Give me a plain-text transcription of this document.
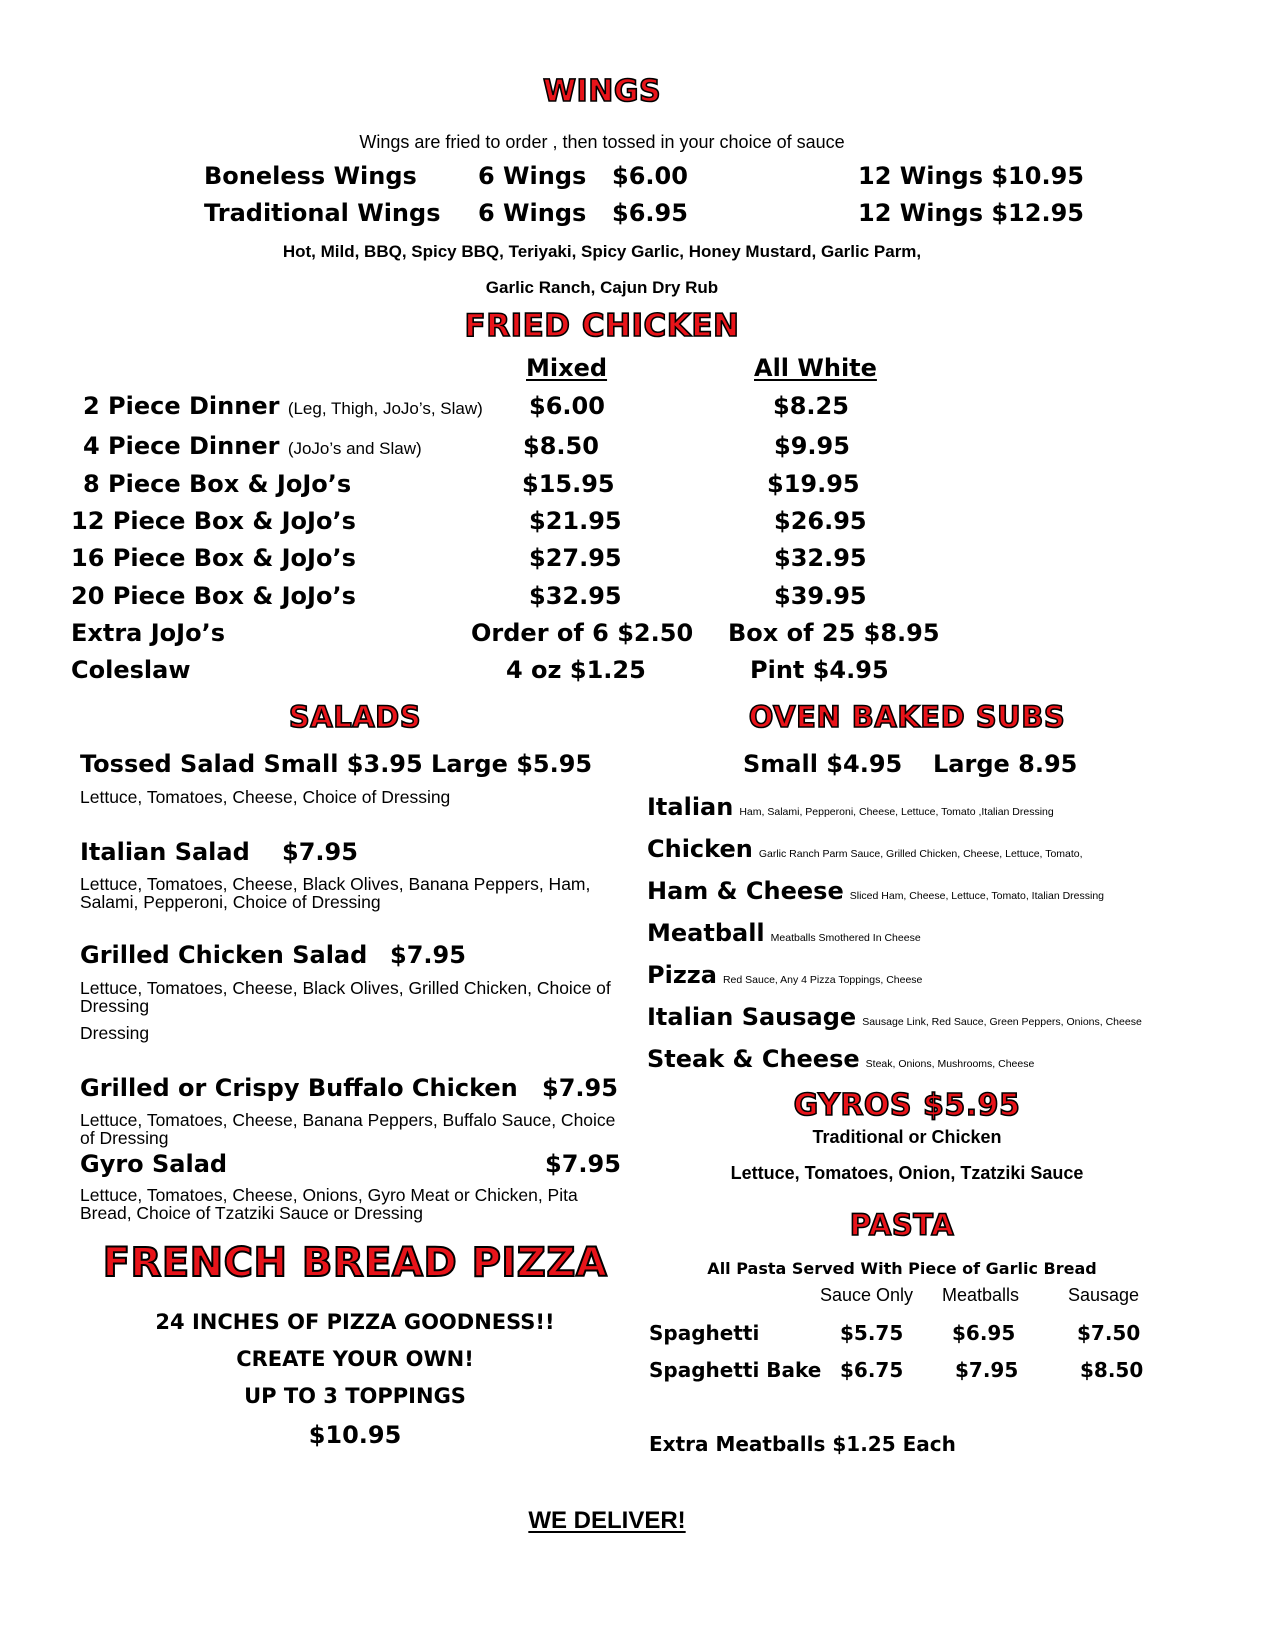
WINGS
Wings are fried to order , then tossed in your choice of sauce
Boneless Wings	6 Wings $6.00	12 Wings $10.95
Traditional Wings 6 Wings $6.95	12 Wings $12.95
Hot, Mild, BBQ, Spicy BBQ, Teriyaki, Spicy Garlic, Honey Mustard, Garlic Parm,
Garlic Ranch, Cajun Dry Rub
FRIED CHICKEN
Mixed	All White
2 Piece Dinner (Leg, Thigh, JoJo’s, Slaw) $6.00	$8.25
4 Piece Dinner (JoJo’s and Slaw)	$8.50	$9.95
8 Piece Box & JoJo’s	$15.95	$19.95
12 Piece Box & JoJo’s	$21.95	$26.95
16 Piece Box & JoJo’s	$27.95	$32.95
20 Piece Box & JoJo’s	$32.95	$39.95
Extra JoJo’s	Order of 6 $2.50 Box of 25 $8.95
Coleslaw	4 oz $1.25	Pint $4.95
SALADS
Tossed Salad Small $3.95 Large $5.95
Lettuce, Tomatoes, Cheese, Choice of Dressing
Italian Salad $7.95
Lettuce, Tomatoes, Cheese, Black Olives, Banana Peppers, Ham, Salami, Pepperoni, Choice of Dressing
Grilled Chicken Salad $7.95
Lettuce, Tomatoes, Cheese, Black Olives, Grilled Chicken, Choice of Dressing
Dressing
Grilled or Crispy Buffalo Chicken $7.95
Lettuce, Tomatoes, Cheese, Banana Peppers, Buffalo Sauce, Choice of Dressing
Gyro Salad	$7.95
Lettuce, Tomatoes, Cheese, Onions, Gyro Meat or Chicken, Pita Bread, Choice of Tzatziki Sauce or Dressing
FRENCH BREAD PIZZA
24 INCHES OF PIZZA GOODNESS!!
CREATE YOUR OWN!
UP TO 3 TOPPINGS
$10.95
OVEN BAKED SUBS
Small $4.95 Large 8.95
Italian Ham, Salami, Pepperoni, Cheese, Lettuce, Tomato ,Italian Dressing
Chicken Garlic Ranch Parm Sauce, Grilled Chicken, Cheese, Lettuce, Tomato,
Ham & Cheese Sliced Ham, Cheese, Lettuce, Tomato, Italian Dressing
Meatball Meatballs Smothered In Cheese
Pizza Red Sauce, Any 4 Pizza Toppings, Cheese
Italian Sausage Sausage Link, Red Sauce, Green Peppers, Onions, Cheese
Steak & Cheese Steak, Onions, Mushrooms, Cheese
GYROS $5.95
Traditional or Chicken
Lettuce, Tomatoes, Onion, Tzatziki Sauce
PASTA
All Pasta Served With Piece of Garlic Bread
Sauce Only Meatballs	Sausage
Spaghetti	$5.75 $6.95	$7.50
Spaghetti Bake $6.75	$7.95	$8.50
Extra Meatballs $1.25 Each
WE DELIVER!
